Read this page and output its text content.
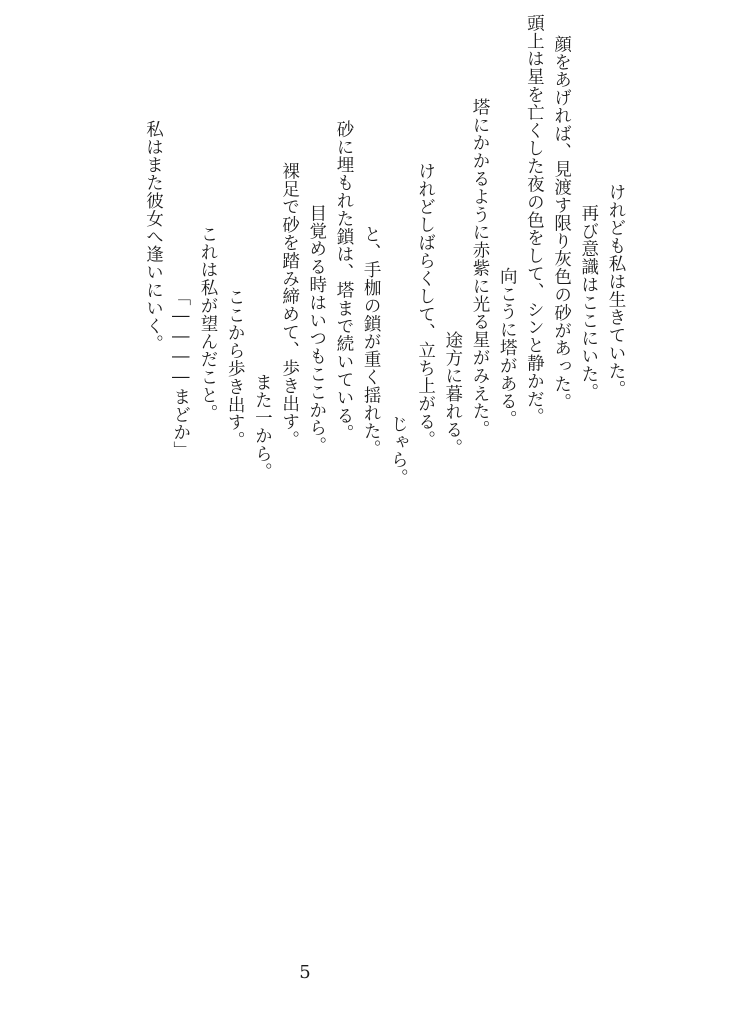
けれども私は生きていた。
再び意識はここにいた。
顔をあげれば、見渡す限り灰色の砂があった。
頭上は星を亡くした夜の色をして、シンと静かだ。
向こうに塔がある。
塔にかかるように赤紫に光る星がみえた。
途方に暮れる。
けれどしばらくして、立ち上がる。
じゃら。
と、手枷の鎖が重く揺れた。
砂に埋もれた鎖は、塔まで続いている。
目覚める時はいつもここから。
裸足で砂を踏み締めて、歩き出す。
また一から。
ここから歩き出す。
これは私が望んだこと。
「――――まどか」
私はまた彼女へ逢いにいく。
5
